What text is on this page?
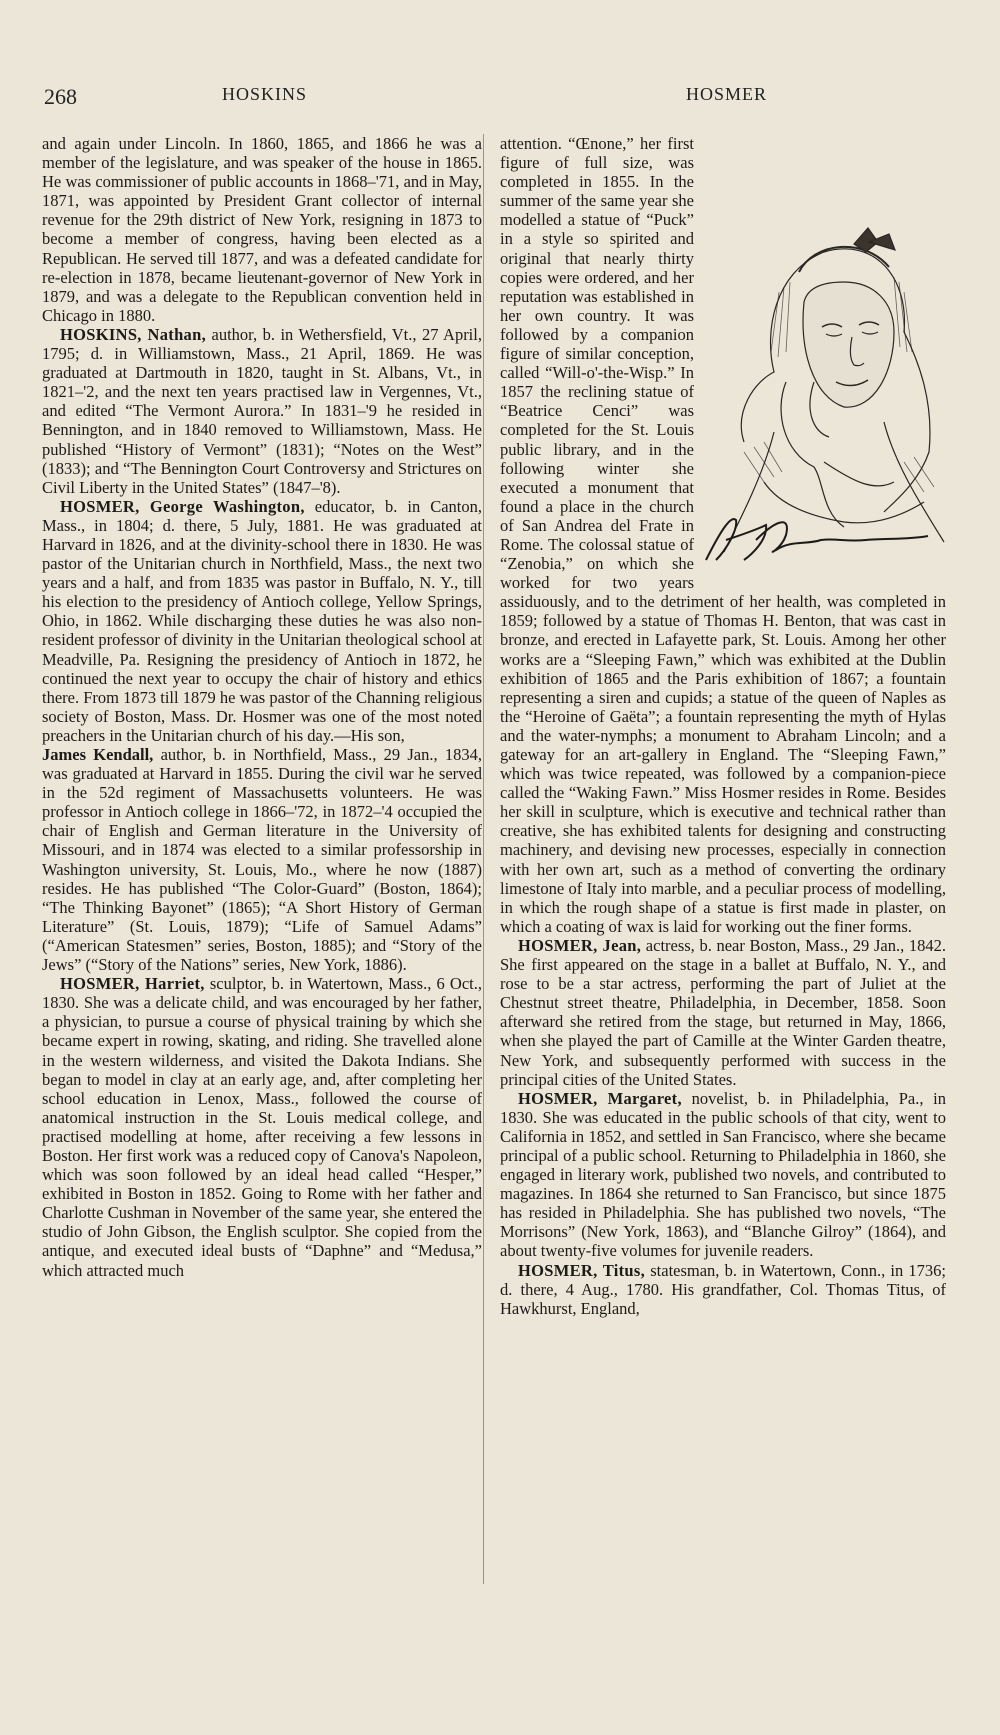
268	HOSKINS	HOSMER

and again under Lincoln. In 1860, 1865, and 1866 he was a member of the legislature, and was speaker of the house in 1865. He was commissioner of public accounts in 1868–'71, and in May, 1871, was appointed by President Grant collector of internal revenue for the 29th district of New York, resigning in 1873 to become a member of congress, having been elected as a Republican. He served till 1877, and was a defeated candidate for re-election in 1878, became lieutenant-governor of New York in 1879, and was a delegate to the Republican convention held in Chicago in 1880.

HOSKINS, Nathan, author, b. in Wethersfield, Vt., 27 April, 1795; d. in Williamstown, Mass., 21 April, 1869. He was graduated at Dartmouth in 1820, taught in St. Albans, Vt., in 1821–'2, and the next ten years practised law in Vergennes, Vt., and edited “The Vermont Aurora.” In 1831–'9 he resided in Bennington, and in 1840 removed to Williamstown, Mass. He published “History of Vermont” (1831); “Notes on the West” (1833); and “The Bennington Court Controversy and Strictures on Civil Liberty in the United States” (1847–'8).

HOSMER, George Washington, educator, b. in Canton, Mass., in 1804; d. there, 5 July, 1881. He was graduated at Harvard in 1826, and at the divinity-school there in 1830. He was pastor of the Unitarian church in Northfield, Mass., the next two years and a half, and from 1835 was pastor in Buffalo, N. Y., till his election to the presidency of Antioch college, Yellow Springs, Ohio, in 1862. While discharging these duties he was also non-resident professor of divinity in the Unitarian theological school at Meadville, Pa. Resigning the presidency of Antioch in 1872, he continued the next year to occupy the chair of history and ethics there. From 1873 till 1879 he was pastor of the Channing religious society of Boston, Mass. Dr. Hosmer was one of the most noted preachers in the Unitarian church of his day.—His son,

James Kendall, author, b. in Northfield, Mass., 29 Jan., 1834, was graduated at Harvard in 1855. During the civil war he served in the 52d regiment of Massachusetts volunteers. He was professor in Antioch college in 1866–'72, in 1872–'4 occupied the chair of English and German literature in the University of Missouri, and in 1874 was elected to a similar professorship in Washington university, St. Louis, Mo., where he now (1887) resides. He has published “The Color-Guard” (Boston, 1864); “The Thinking Bayonet” (1865); “A Short History of German Literature” (St. Louis, 1879); “Life of Samuel Adams” (“American Statesmen” series, Boston, 1885); and “Story of the Jews” (“Story of the Nations” series, New York, 1886).

HOSMER, Harriet, sculptor, b. in Watertown, Mass., 6 Oct., 1830. She was a delicate child, and was encouraged by her father, a physician, to pursue a course of physical training by which she became expert in rowing, skating, and riding. She travelled alone in the western wilderness, and visited the Dakota Indians. She began to model in clay at an early age, and, after completing her school education in Lenox, Mass., followed the course of anatomical instruction in the St. Louis medical college, and practised modelling at home, after receiving a few lessons in Boston. Her first work was a reduced copy of Canova's Napoleon, which was soon followed by an ideal head called “Hesper,” exhibited in Boston in 1852. Going to Rome with her father and Charlotte Cushman in November of the same year, she entered the studio of John Gibson, the English sculptor. She copied from the antique, and executed ideal busts of “Daphne” and “Medusa,” which attracted much

attention. “Œnone,” her first figure of full size, was completed in 1855. In the summer of the same year she modelled a statue of “Puck” in a style so spirited and original that nearly thirty copies were ordered, and her reputation was established in her own country. It was followed by a companion figure of similar conception, called “Will-o'-the-Wisp.” In 1857 the reclining statue of “Beatrice Cenci” was completed for the St. Louis public library, and in the following winter she executed a monument that found a place in the church of San Andrea del Frate in Rome. The colossal statue of “Zenobia,” on which she worked for two years assiduously, and to the detriment of her health, was completed in 1859; followed by a statue of Thomas H. Benton, that was cast in bronze, and erected in Lafayette park, St. Louis. Among her other works are a “Sleeping Fawn,” which was exhibited at the Dublin exhibition of 1865 and the Paris exhibition of 1867; a fountain representing a siren and cupids; a statue of the queen of Naples as the “Heroine of Gaëta”; a fountain representing the myth of Hylas and the water-nymphs; a monument to Abraham Lincoln; and a gateway for an art-gallery in England. The “Sleeping Fawn,” which was twice repeated, was followed by a companion-piece called the “Waking Fawn.” Miss Hosmer resides in Rome. Besides her skill in sculpture, which is executive and technical rather than creative, she has exhibited talents for designing and constructing machinery, and devising new processes, especially in connection with her own art, such as a method of converting the ordinary limestone of Italy into marble, and a peculiar process of modelling, in which the rough shape of a statue is first made in plaster, on which a coating of wax is laid for working out the finer forms.

HOSMER, Jean, actress, b. near Boston, Mass., 29 Jan., 1842. She first appeared on the stage in a ballet at Buffalo, N. Y., and rose to be a star actress, performing the part of Juliet at the Chestnut street theatre, Philadelphia, in December, 1858. Soon afterward she retired from the stage, but returned in May, 1866, when she played the part of Camille at the Winter Garden theatre, New York, and subsequently performed with success in the principal cities of the United States.

HOSMER, Margaret, novelist, b. in Philadelphia, Pa., in 1830. She was educated in the public schools of that city, went to California in 1852, and settled in San Francisco, where she became principal of a public school. Returning to Philadelphia in 1860, she engaged in literary work, published two novels, and contributed to magazines. In 1864 she returned to San Francisco, but since 1875 has resided in Philadelphia. She has published two novels, “The Morrisons” (New York, 1863), and “Blanche Gilroy” (1864), and about twenty-five volumes for juvenile readers.

HOSMER, Titus, statesman, b. in Watertown, Conn., in 1736; d. there, 4 Aug., 1780. His grandfather, Col. Thomas Titus, of Hawkhurst, England,
